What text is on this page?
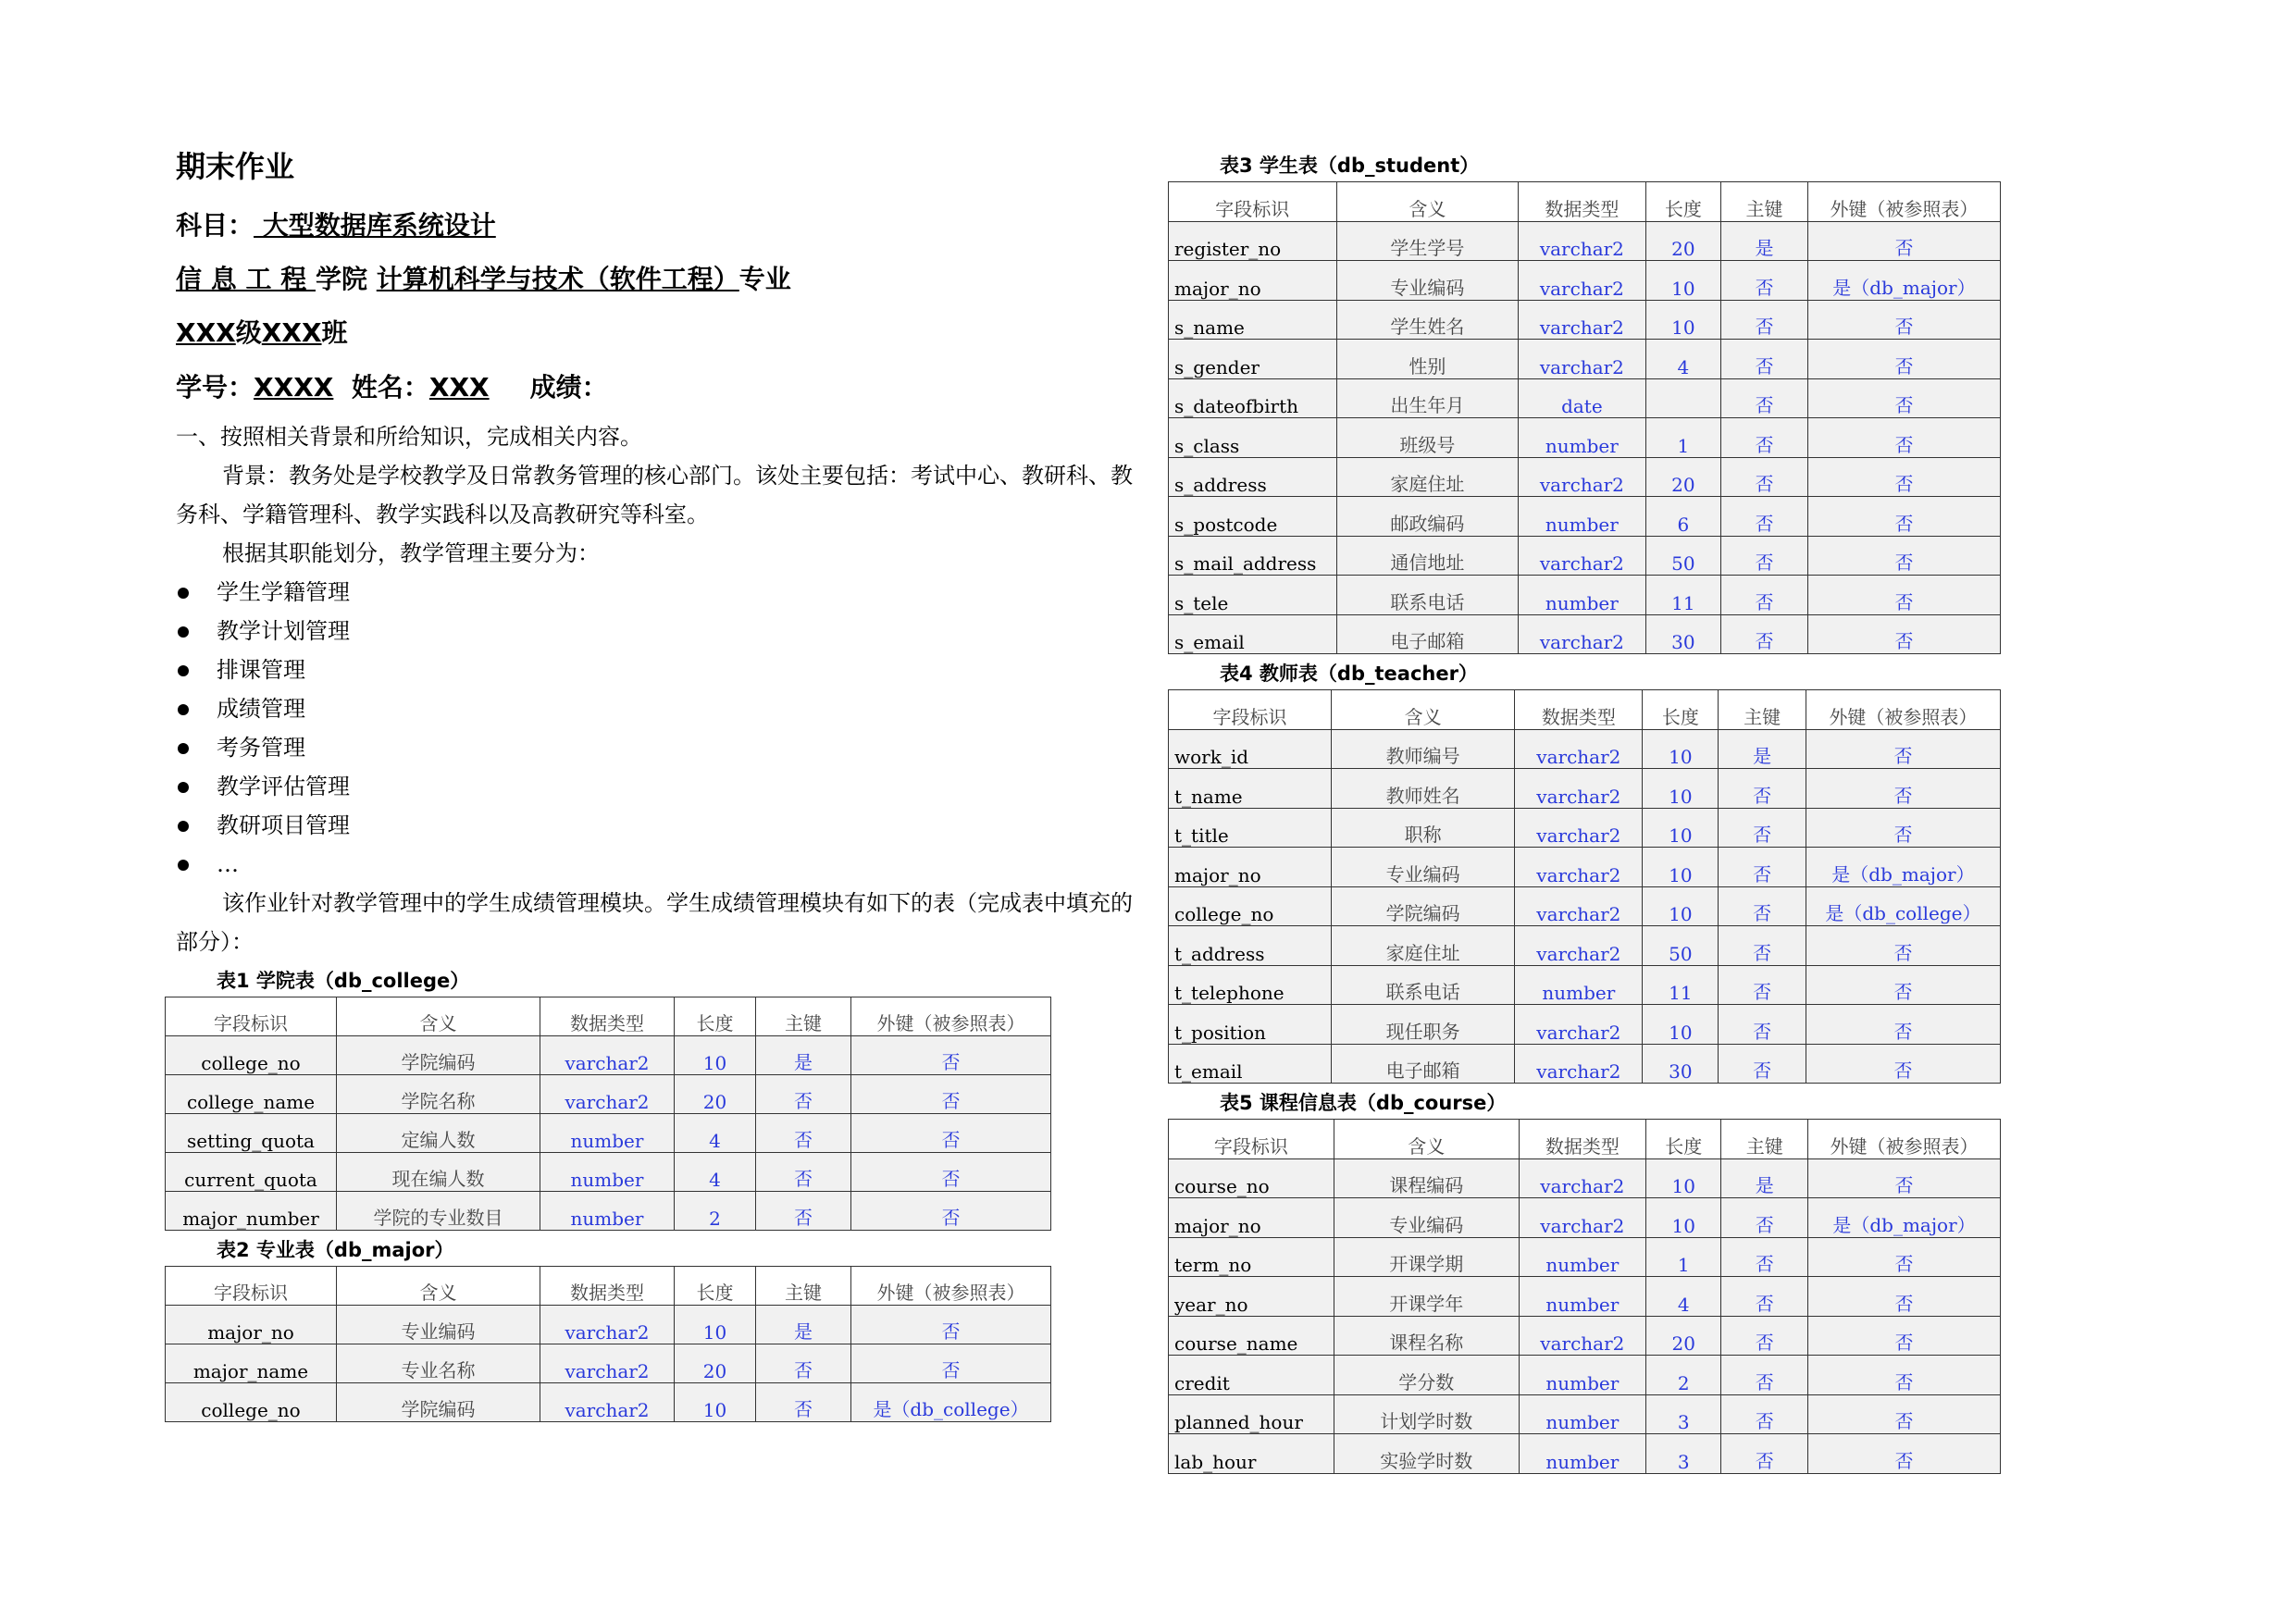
期末作业
科目： 大型数据库系统设计
信 息 工 程 学院 计算机科学与技术（软件工程）专业
XXX级XXX班
学号：XXXX  姓名：XXX 成绩：

一、按照相关背景和所给知识，完成相关内容。

背景：教务处是学校教学及日常教务管理的核心部门。该处主要包括：考试中心、教研科、教务科、学籍管理科、教学实践科以及高教研究等科室。

根据其职能划分，教学管理主要分为：

学生学籍管理
教学计划管理
排课管理
成绩管理
考务管理
教学评估管理
教研项目管理
…

该作业针对教学管理中的学生成绩管理模块。学生成绩管理模块有如下的表（完成表中填充的部分）：

表1 学院表（db_college）
字段标识	含义	数据类型	长度	主键	外键（被参照表）
college_no	学院编码	varchar2	10	是	否
college_name	学院名称	varchar2	20	否	否
setting_quota	定编人数	number	4	否	否
current_quota	现在编人数	number	4	否	否
major_number	学院的专业数目	number	2	否	否
表2 专业表（db_major）
字段标识	含义	数据类型	长度	主键	外键（被参照表）
major_no	专业编码	varchar2	10	是	否
major_name	专业名称	varchar2	20	否	否
college_no	学院编码	varchar2	10	否	是（db_college）
表3 学生表（db_student）
字段标识	含义	数据类型	长度	主键	外键（被参照表）
register_no	学生学号	varchar2	20	是	否
major_no	专业编码	varchar2	10	否	是（db_major）
s_name	学生姓名	varchar2	10	否	否
s_gender	性别	varchar2	4	否	否
s_dateofbirth	出生年月	date		否	否
s_class	班级号	number	1	否	否
s_address	家庭住址	varchar2	20	否	否
s_postcode	邮政编码	number	6	否	否
s_mail_address	通信地址	varchar2	50	否	否
s_tele	联系电话	number	11	否	否
s_email	电子邮箱	varchar2	30	否	否
表4 教师表（db_teacher）
字段标识	含义	数据类型	长度	主键	外键（被参照表）
work_id	教师编号	varchar2	10	是	否
t_name	教师姓名	varchar2	10	否	否
t_title	职称	varchar2	10	否	否
major_no	专业编码	varchar2	10	否	是（db_major）
college_no	学院编码	varchar2	10	否	是（db_college）
t_address	家庭住址	varchar2	50	否	否
t_telephone	联系电话	number	11	否	否
t_position	现任职务	varchar2	10	否	否
t_email	电子邮箱	varchar2	30	否	否
表5 课程信息表（db_course）
字段标识	含义	数据类型	长度	主键	外键（被参照表）
course_no	课程编码	varchar2	10	是	否
major_no	专业编码	varchar2	10	否	是（db_major）
term_no	开课学期	number	1	否	否
year_no	开课学年	number	4	否	否
course_name	课程名称	varchar2	20	否	否
credit	学分数	number	2	否	否
planned_hour	计划学时数	number	3	否	否
lab_hour	实验学时数	number	3	否	否
